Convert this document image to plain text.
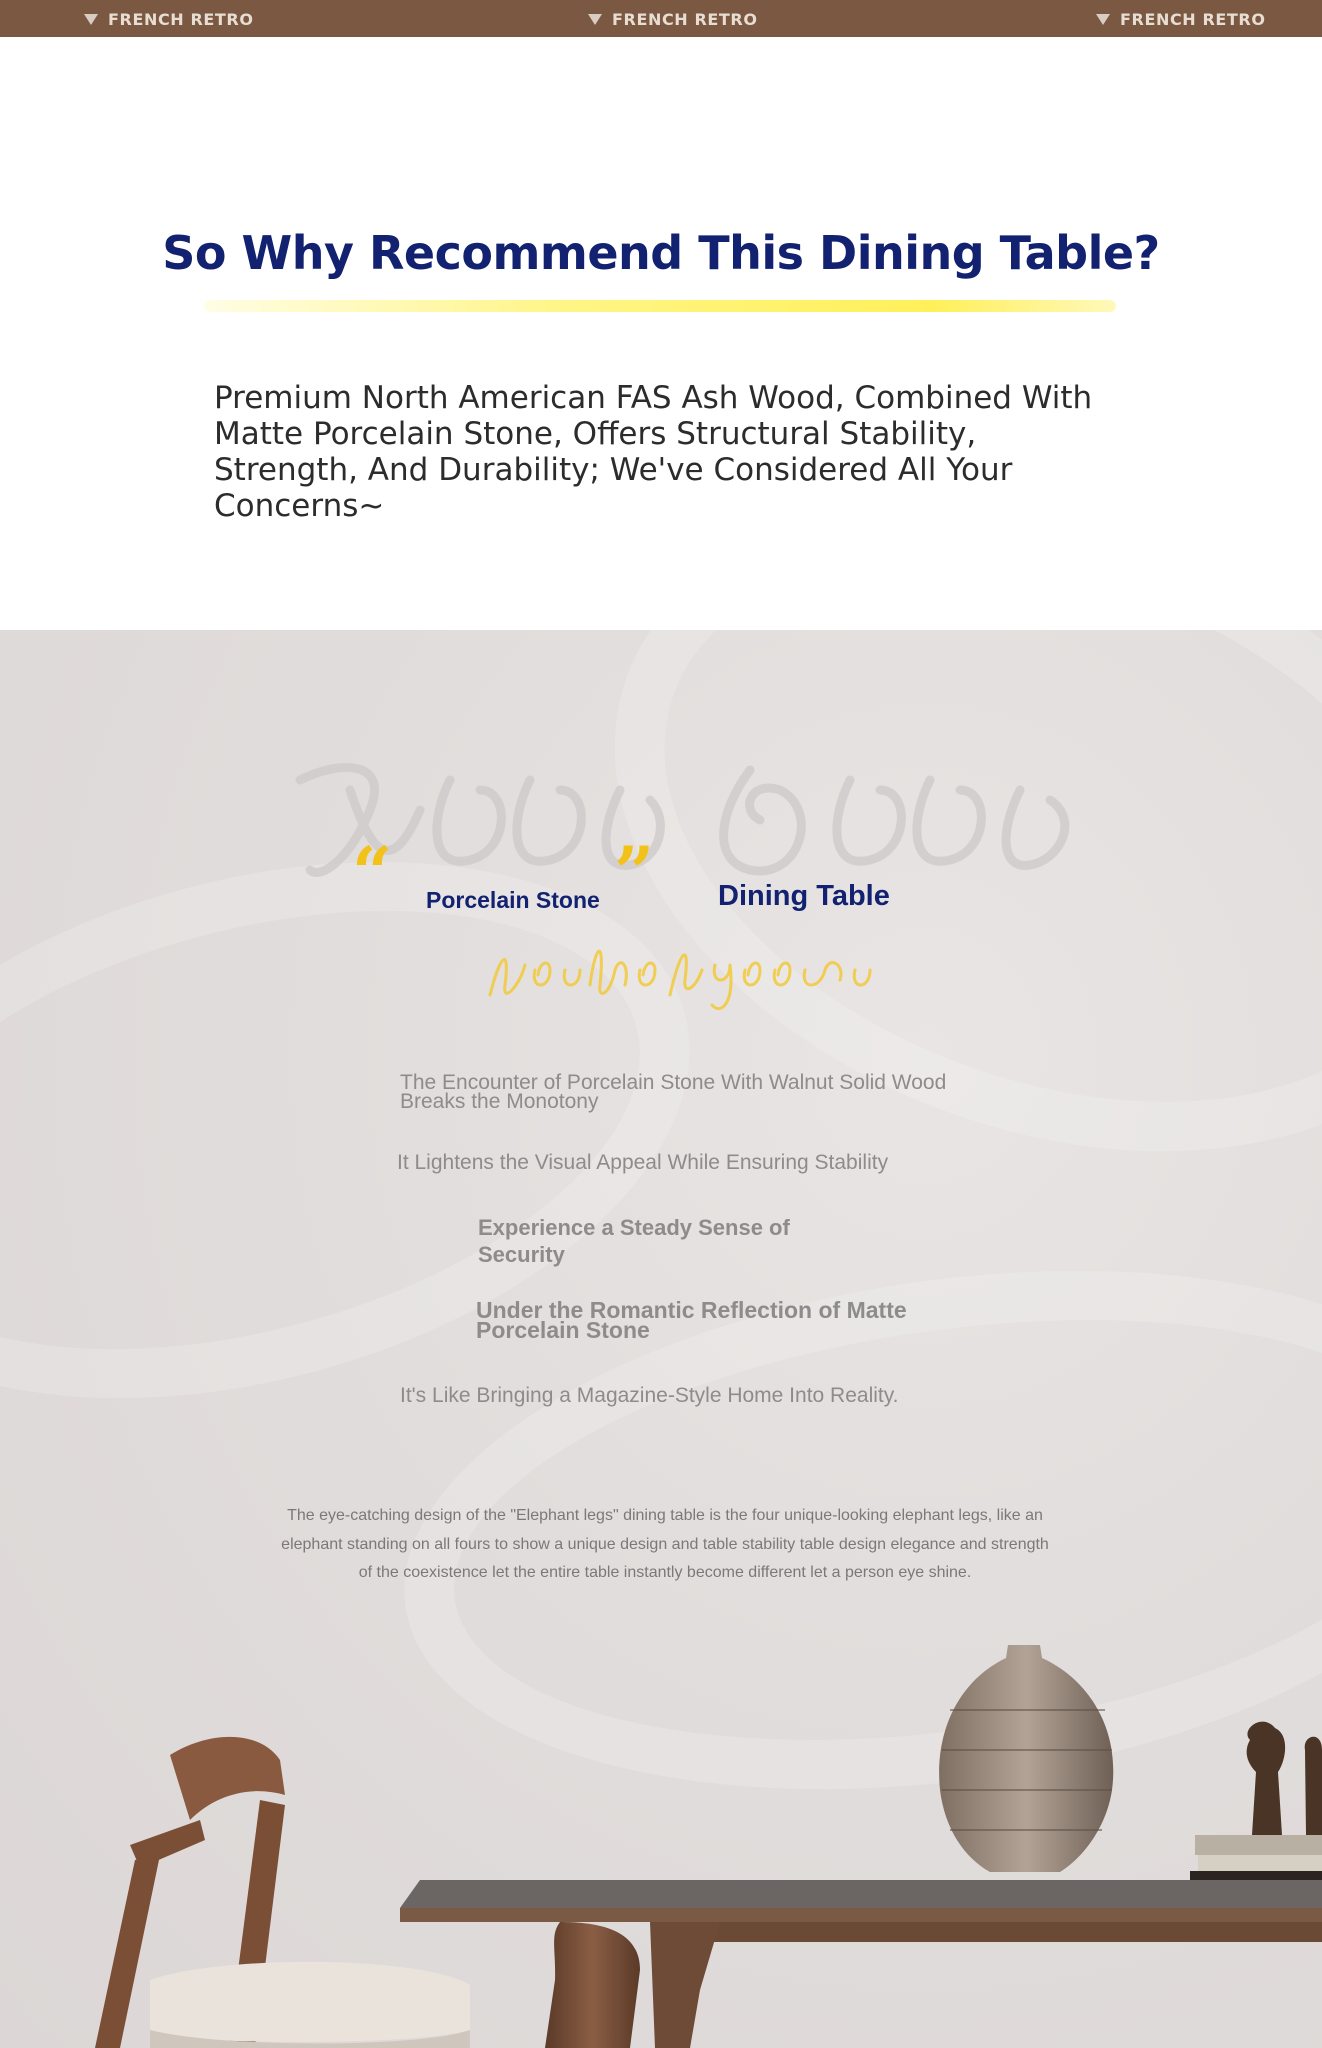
FRENCH RETRO	FRENCH RETRO	FRENCH RETRO
So Why Recommend This Dining Table?

Premium North American FAS Ash Wood, Combined With Matte Porcelain Stone, Offers Structural Stability, Strength, And Durability; We've Considered All Your Concerns~

“	”
Porcelain Stone	Dining Table
The Encounter of Porcelain Stone With Walnut Solid Wood Breaks the Monotony
It Lightens the Visual Appeal While Ensuring Stability
Experience a Steady Sense of Security
Under the Romantic Reflection of Matte Porcelain Stone
It's Like Bringing a Magazine-Style Home Into Reality.

The eye-catching design of the "Elephant legs" dining table is the four unique-looking elephant legs, like an elephant standing on all fours to show a unique design and table stability table design elegance and strength of the coexistence let the entire table instantly become different let a person eye shine.
